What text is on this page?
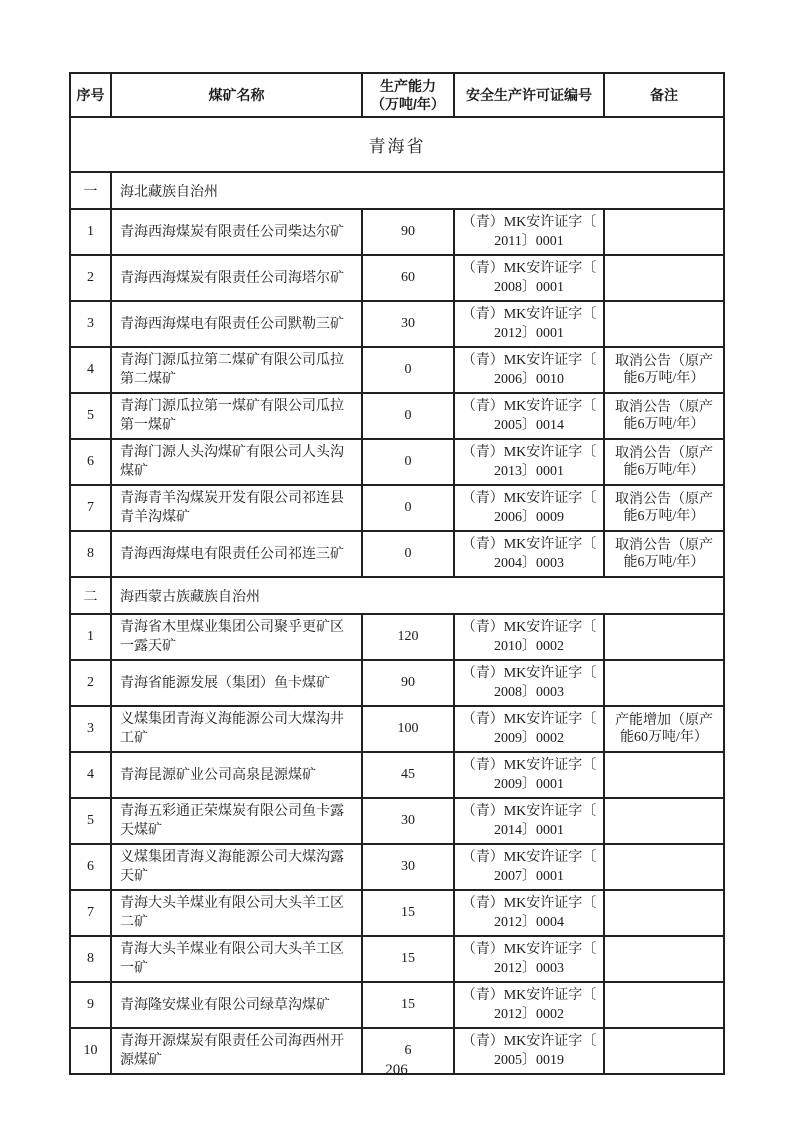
序号	煤矿名称	生产能力
（万吨/年）	安全生产许可证编号	备注
青海省				
一	海北藏族自治州			
1	青海西海煤炭有限责任公司柴达尔矿	90	（青）MK安许证字〔
2011〕0001	
2	青海西海煤炭有限责任公司海塔尔矿	60	（青）MK安许证字〔
2008〕0001	
3	青海西海煤电有限责任公司默勒三矿	30	（青）MK安许证字〔
2012〕0001	
4	青海门源瓜拉第二煤矿有限公司瓜拉第二煤矿	0	（青）MK安许证字〔
2006〕0010	取消公告（原产能6万吨/年）
5	青海门源瓜拉第一煤矿有限公司瓜拉第一煤矿	0	（青）MK安许证字〔
2005〕0014	取消公告（原产能6万吨/年）
6	青海门源人头沟煤矿有限公司人头沟煤矿	0	（青）MK安许证字〔
2013〕0001	取消公告（原产能6万吨/年）
7	青海青羊沟煤炭开发有限公司祁连县青羊沟煤矿	0	（青）MK安许证字〔
2006〕0009	取消公告（原产能6万吨/年）
8	青海西海煤电有限责任公司祁连三矿	0	（青）MK安许证字〔
2004〕0003	取消公告（原产能6万吨/年）
二	海西蒙古族藏族自治州			
1	青海省木里煤业集团公司聚乎更矿区一露天矿	120	（青）MK安许证字〔
2010〕0002	
2	青海省能源发展（集团）鱼卡煤矿	90	（青）MK安许证字〔
2008〕0003	
3	义煤集团青海义海能源公司大煤沟井工矿	100	（青）MK安许证字〔
2009〕0002	产能增加（原产能60万吨/年）
4	青海昆源矿业公司高泉昆源煤矿	45	（青）MK安许证字〔
2009〕0001	
5	青海五彩通正荣煤炭有限公司鱼卡露天煤矿	30	（青）MK安许证字〔
2014〕0001	
6	义煤集团青海义海能源公司大煤沟露天矿	30	（青）MK安许证字〔
2007〕0001	
7	青海大头羊煤业有限公司大头羊工区二矿	15	（青）MK安许证字〔
2012〕0004	
8	青海大头羊煤业有限公司大头羊工区一矿	15	（青）MK安许证字〔
2012〕0003	
9	青海隆安煤业有限公司绿草沟煤矿	15	（青）MK安许证字〔
2012〕0002	
10	青海开源煤炭有限责任公司海西州开源煤矿	6	（青）MK安许证字〔
2005〕0019	
206
